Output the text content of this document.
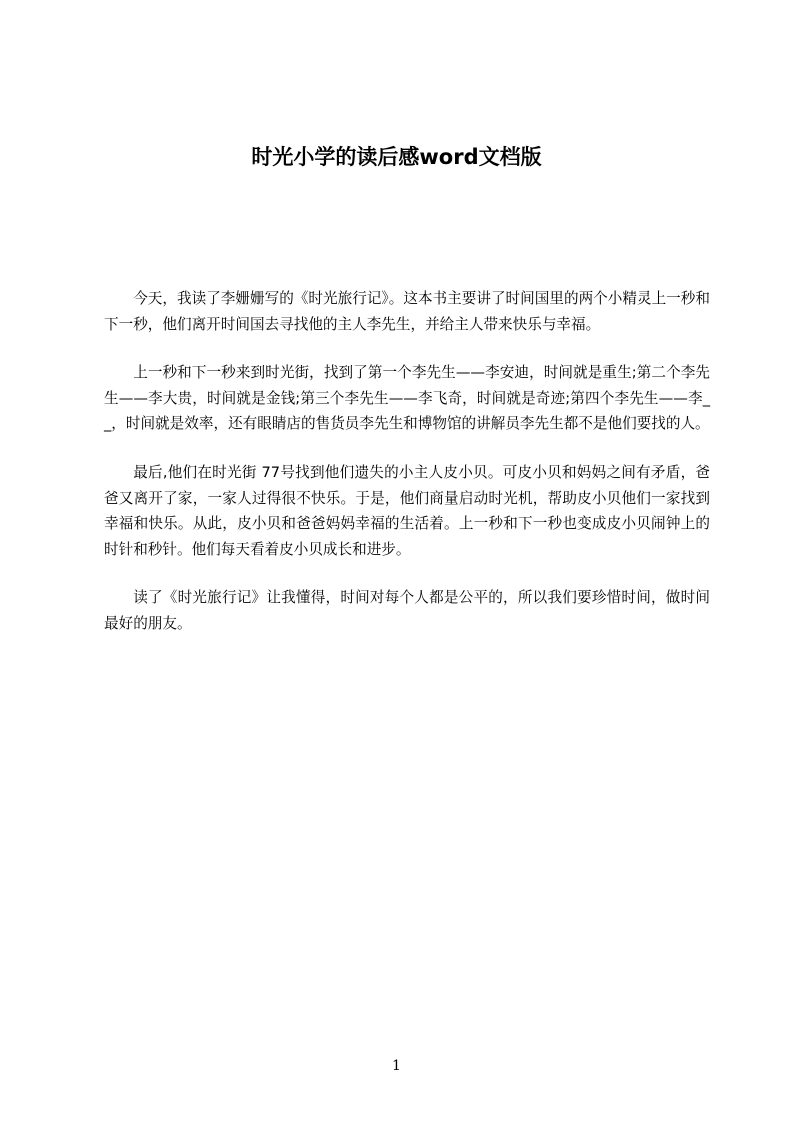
时光小学的读后感word文档版

今天，我读了李姗姗写的《时光旅行记》。这本书主要讲了时间国里的两个小精灵上一秒和下一秒，他们离开时间国去寻找他的主人李先生，并给主人带来快乐与幸福。

上一秒和下一秒来到时光街，找到了第一个李先生——李安迪，时间就是重生;第二个李先生——李大贵，时间就是金钱;第三个李先生——李飞奇，时间就是奇迹;第四个李先生——李__，时间就是效率，还有眼睛店的售货员李先生和博物馆的讲解员李先生都不是他们要找的人。

最后,他们在时光街 77号找到他们遗失的小主人皮小贝。可皮小贝和妈妈之间有矛盾，爸爸又离开了家，一家人过得很不快乐。于是，他们商量启动时光机，帮助皮小贝他们一家找到幸福和快乐。从此，皮小贝和爸爸妈妈幸福的生活着。上一秒和下一秒也变成皮小贝闹钟上的时针和秒针。他们每天看着皮小贝成长和进步。

读了《时光旅行记》让我懂得，时间对每个人都是公平的，所以我们要珍惜时间，做时间最好的朋友。

1
